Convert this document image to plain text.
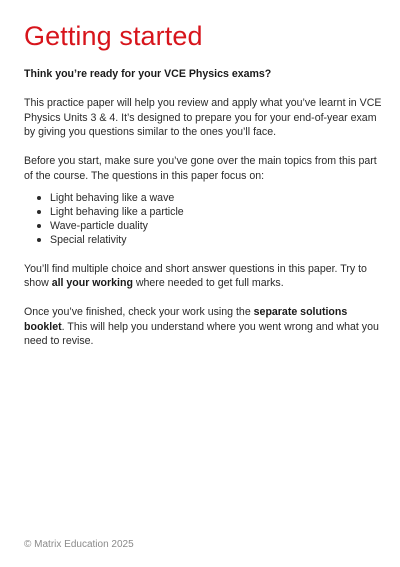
Getting started

Think you’re ready for your VCE Physics exams?

This practice paper will help you review and apply what you’ve learnt in VCE Physics Units 3 & 4. It’s designed to prepare you for your end-of-year exam by giving you questions similar to the ones you’ll face.

Before you start, make sure you’ve gone over the main topics from this part of the course. The questions in this paper focus on:

Light behaving like a wave
Light behaving like a particle
Wave-particle duality
Special relativity

You’ll find multiple choice and short answer questions in this paper. Try to show all your working where needed to get full marks.

Once you’ve finished, check your work using the separate solutions booklet. This will help you understand where you went wrong and what you need to revise.

© Matrix Education 2025
